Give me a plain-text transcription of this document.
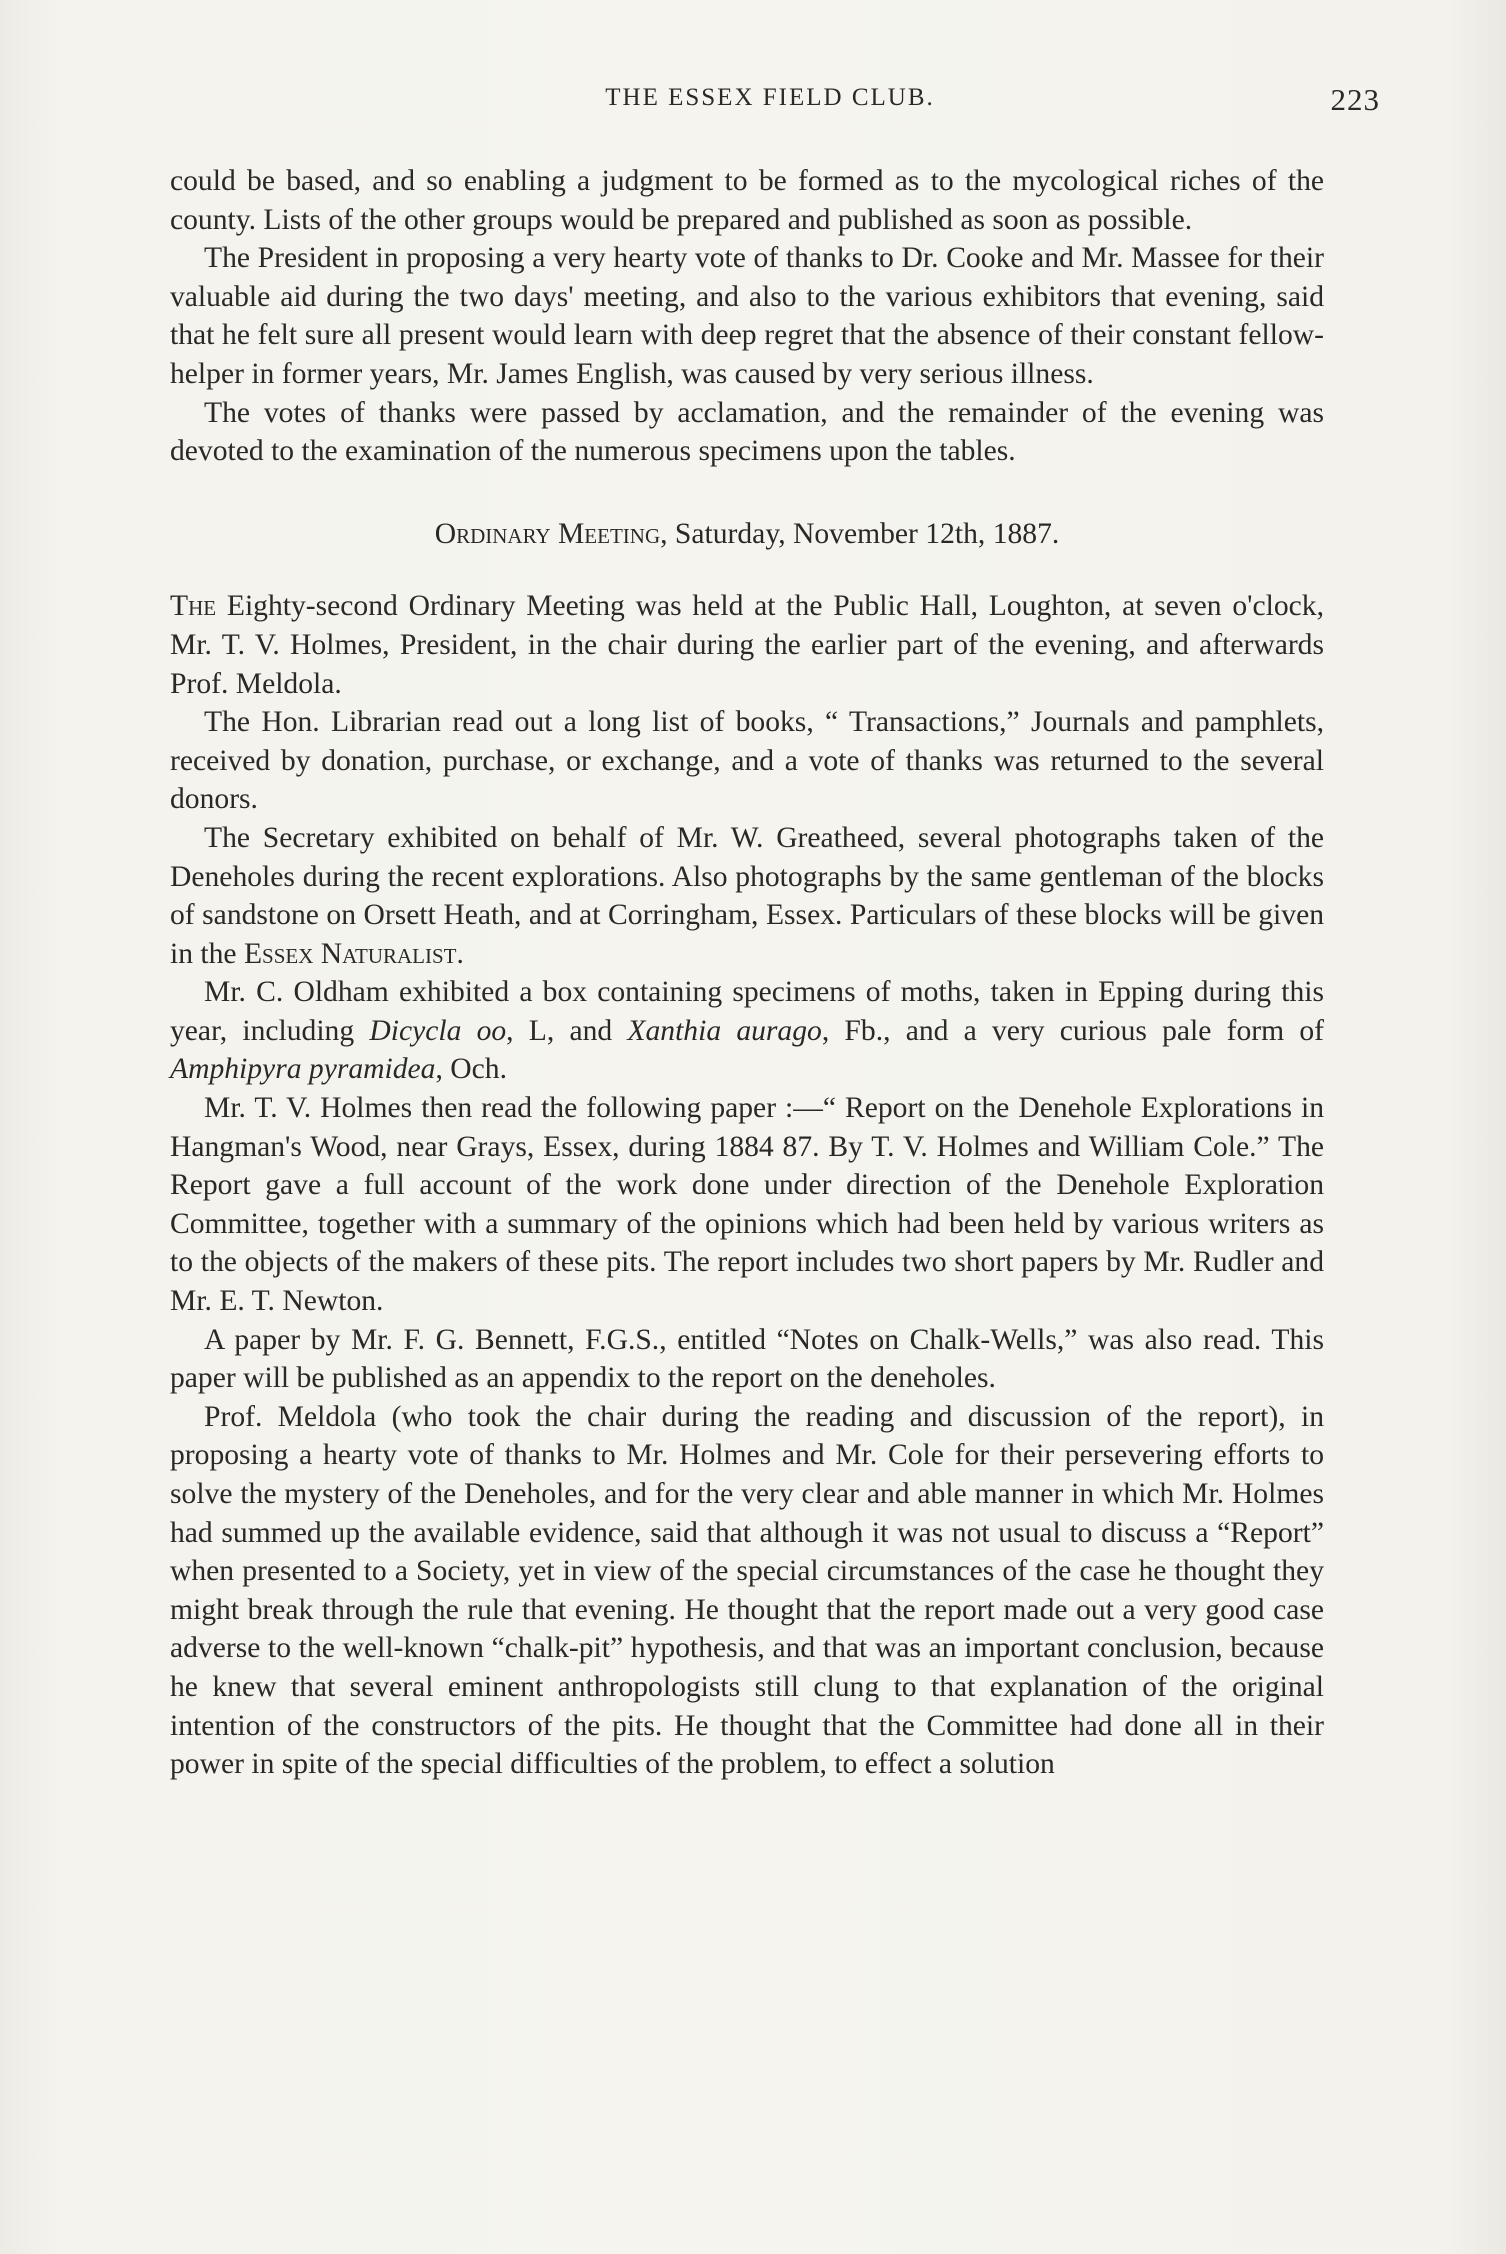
THE ESSEX FIELD CLUB.	223

could be based, and so enabling a judgment to be formed as to the mycological riches of the county. Lists of the other groups would be prepared and published as soon as possible.

The President in proposing a very hearty vote of thanks to Dr. Cooke and Mr. Massee for their valuable aid during the two days' meeting, and also to the various exhibitors that evening, said that he felt sure all present would learn with deep regret that the absence of their constant fellow-helper in former years, Mr. James English, was caused by very serious illness.

The votes of thanks were passed by acclamation, and the remainder of the evening was devoted to the examination of the numerous specimens upon the tables.

Ordinary Meeting, Saturday, November 12th, 1887.

The Eighty-second Ordinary Meeting was held at the Public Hall, Loughton, at seven o'clock, Mr. T. V. Holmes, President, in the chair during the earlier part of the evening, and afterwards Prof. Meldola.

The Hon. Librarian read out a long list of books, “ Transactions,” Journals and pamphlets, received by donation, purchase, or exchange, and a vote of thanks was returned to the several donors.

The Secretary exhibited on behalf of Mr. W. Greatheed, several photographs taken of the Deneholes during the recent explorations. Also photographs by the same gentleman of the blocks of sandstone on Orsett Heath, and at Corringham, Essex. Particulars of these blocks will be given in the Essex Naturalist.

Mr. C. Oldham exhibited a box containing specimens of moths, taken in Epping during this year, including Dicycla oo, L, and Xanthia aurago, Fb., and a very curious pale form of Amphipyra pyramidea, Och.

Mr. T. V. Holmes then read the following paper :—“ Report on the Denehole Explorations in Hangman's Wood, near Grays, Essex, during 1884 87. By T. V. Holmes and William Cole.” The Report gave a full account of the work done under direction of the Denehole Exploration Committee, together with a summary of the opinions which had been held by various writers as to the objects of the makers of these pits. The report includes two short papers by Mr. Rudler and Mr. E. T. Newton.

A paper by Mr. F. G. Bennett, F.G.S., entitled “Notes on Chalk-Wells,” was also read. This paper will be published as an appendix to the report on the deneholes.

Prof. Meldola (who took the chair during the reading and discussion of the report), in proposing a hearty vote of thanks to Mr. Holmes and Mr. Cole for their persevering efforts to solve the mystery of the Deneholes, and for the very clear and able manner in which Mr. Holmes had summed up the available evidence, said that although it was not usual to discuss a “Report” when presented to a Society, yet in view of the special circumstances of the case he thought they might break through the rule that evening. He thought that the report made out a very good case adverse to the well-known “chalk-pit” hypothesis, and that was an important conclusion, because he knew that several eminent anthropologists still clung to that explanation of the original intention of the constructors of the pits. He thought that the Committee had done all in their power in spite of the special difficulties of the problem, to effect a solution
